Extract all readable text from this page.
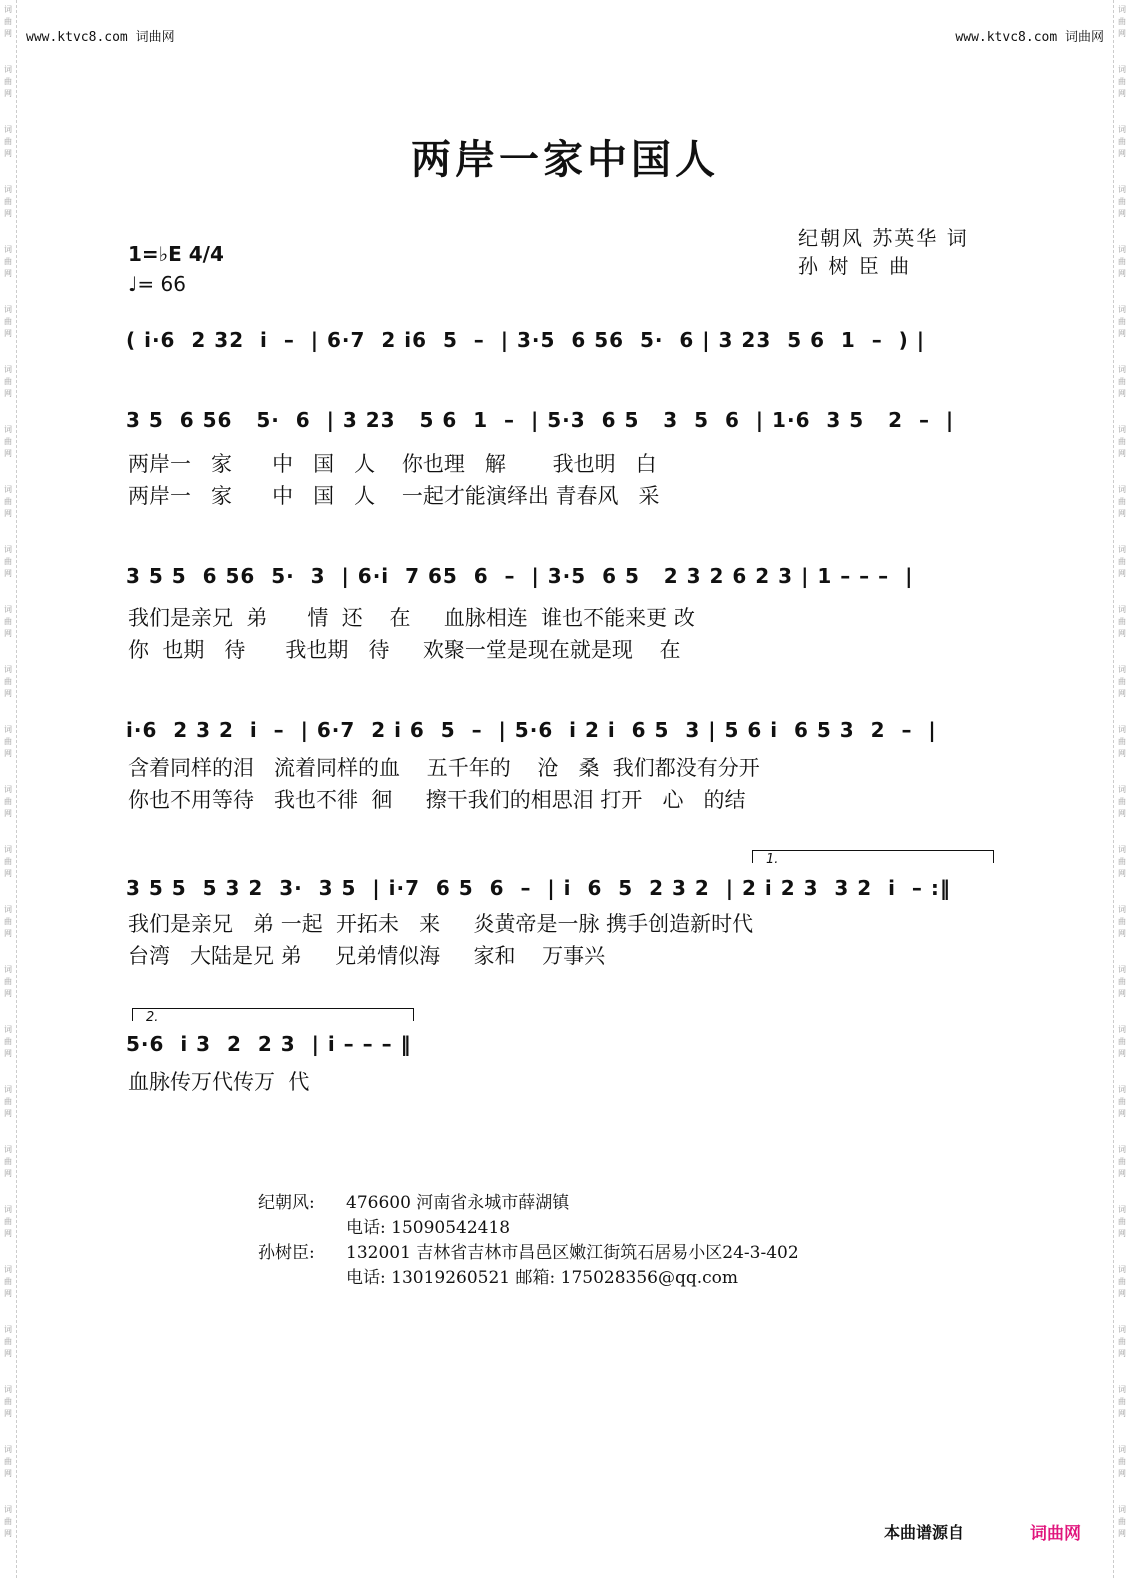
词
曲
网
词
曲
网
词
曲
网
词
曲
网
词
曲
网
词
曲
网
词
曲
网
词
曲
网
词
曲
网
词
曲
网
词
曲
网
词
曲
网
词
曲
网
词
曲
网
词
曲
网
词
曲
网
词
曲
网
词
曲
网
词
曲
网
词
曲
网
词
曲
网
词
曲
网
词
曲
网
词
曲
网
词
曲
网
词
曲
网
词
曲
网
词
曲
网
词
曲
网
词
曲
网
词
曲
网
词
曲
网
词
曲
网
词
曲
网
词
曲
网
词
曲
网
词
曲
网
词
曲
网
词
曲
网
词
曲
网
词
曲
网
词
曲
网
词
曲
网
词
曲
网
词
曲
网
词
曲
网
词
曲
网
词
曲
网
词
曲
网
词
曲
网
词
曲
网
词
曲
网
www.ktvc8.com 词曲网	www.ktvc8.com 词曲网
两岸一家中国人
1=♭E 4/4
♩= 66
纪朝风 苏英华 词
孙 树 臣 曲
( i·6  2 32  i  –  | 6·7  2 i6  5  –  | 3·5  6 56  5·  6 | 3 23  5 6  1  –  ) |
3 5  6 56   5·  6  | 3 23   5 6  1  –  | 5·3  6 5   3  5  6  | 1·6  3 5   2  –  |
两岸一   家      中   国   人    你也理   解       我也明   白
两岸一   家      中   国   人    一起才能演绎出 青春风   采
3 5 5  6 56  5·  3  | 6·i  7 65  6  –  | 3·5  6 5   2 3 2 6 2 3 | 1 – – –  |
我们是亲兄  弟      情  还    在     血脉相连  谁也不能来更 改
你  也期   待      我也期   待     欢聚一堂是现在就是现    在
i·6  2 3 2  i  –  | 6·7  2 i 6  5  –  | 5·6  i 2 i  6 5  3 | 5 6 i  6 5 3  2  –  |
含着同样的泪   流着同样的血    五千年的    沧   桑  我们都没有分开
你也不用等待   我也不徘  徊     擦干我们的相思泪 打开   心   的结
1.
3 5 5  5 3 2  3·  3 5  | i·7  6 5  6  –  | i  6  5  2 3 2  | 2 i 2 3  3 2  i  – :‖
我们是亲兄   弟 一起  开拓未   来     炎黄帝是一脉 携手创造新时代
台湾   大陆是兄 弟     兄弟情似海     家和    万事兴
2.
5·6  i 3  2  2 3  | i – – – ‖
血脉传万代传万  代
纪朝风: 476600 河南省永城市薛湖镇
电话: 15090542418
孙树臣: 132001 吉林省吉林市昌邑区嫩江街筑石居易小区24-3-402
电话: 13019260521 邮箱: 175028356@qq.com
本曲谱源自	词曲网
